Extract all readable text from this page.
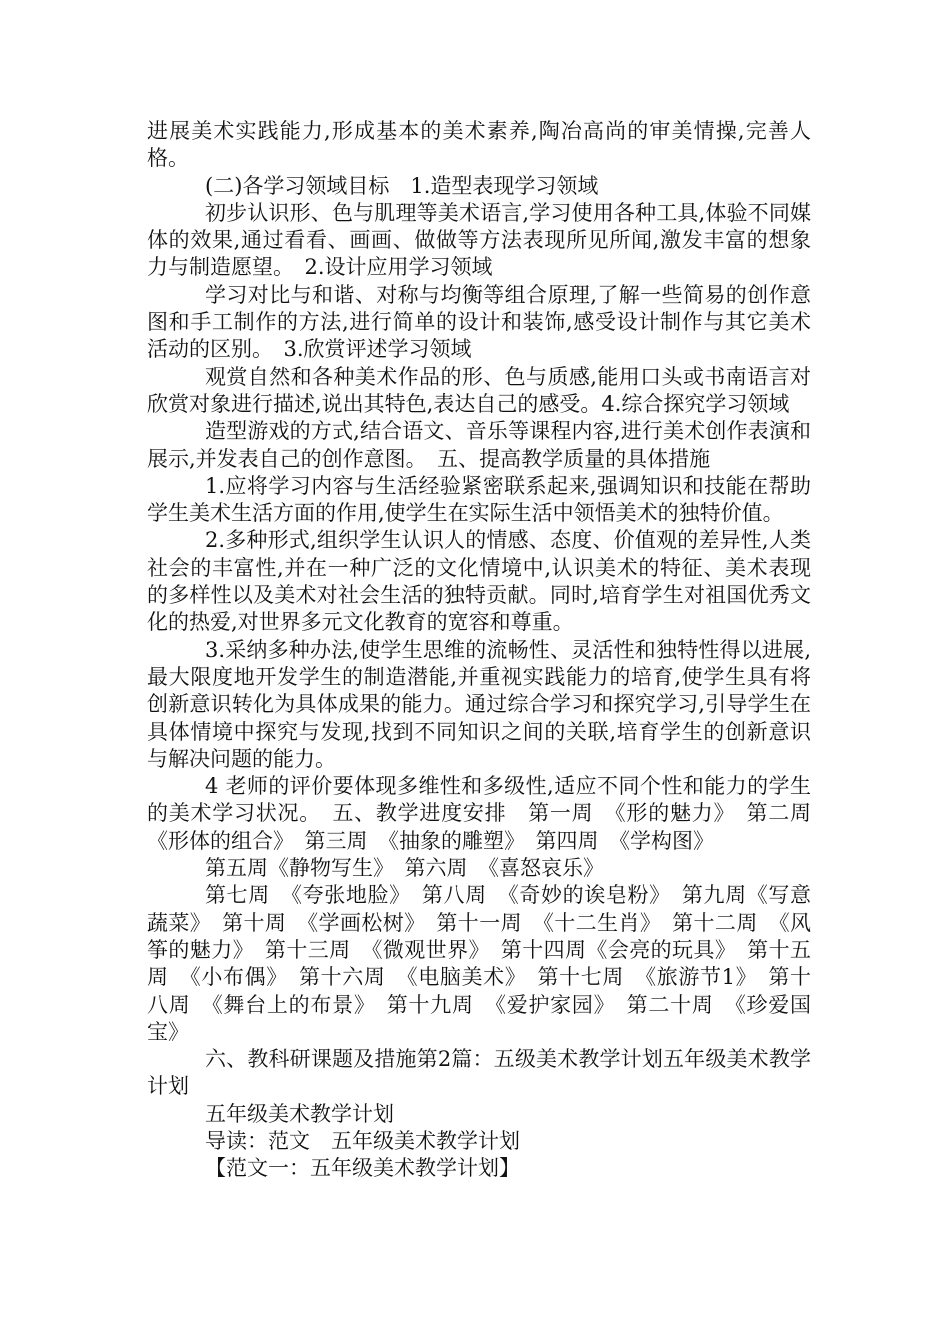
进展美术实践能力,形成基本的美术素养,陶冶高尚的审美情操,完善人格。

(二)各学习领域目标　1.造型表现学习领域

初步认识形、色与肌理等美术语言,学习使用各种工具,体验不同媒体的效果,通过看看、画画、做做等方法表现所见所闻,激发丰富的想象力与制造愿望。　2.设计应用学习领域

学习对比与和谐、对称与均衡等组合原理,了解一些简易的创作意图和手工制作的方法,进行简单的设计和装饰,感受设计制作与其它美术活动的区别。　3.欣赏评述学习领域

观赏自然和各种美术作品的形、色与质感,能用口头或书南语言对欣赏对象进行描述,说出其特色,表达自己的感受。4.综合探究学习领域

造型游戏的方式,结合语文、音乐等课程内容,进行美术创作表演和展示,并发表自己的创作意图。　五、提高教学质量的具体措施

1.应将学习内容与生活经验紧密联系起来,强调知识和技能在帮助学生美术生活方面的作用,使学生在实际生活中领悟美术的独特价值。

2.多种形式,组织学生认识人的情感、态度、价值观的差异性,人类社会的丰富性,并在一种广泛的文化情境中,认识美术的特征、美术表现的多样性以及美术对社会生活的独特贡献。同时,培育学生对祖国优秀文化的热爱,对世界多元文化教育的宽容和尊重。

3.采纳多种办法,使学生思维的流畅性、灵活性和独特性得以进展,最大限度地开发学生的制造潜能,并重视实践能力的培育,使学生具有将创新意识转化为具体成果的能力。通过综合学习和探究学习,引导学生在具体情境中探究与发现,找到不同知识之间的关联,培育学生的创新意识与解决问题的能力。

4 老师的评价要体现多维性和多级性,适应不同个性和能力的学生的美术学习状况。　五、教学进度安排　第一周　《形的魅力》　第二周　《形体的组合》　第三周　《抽象的雕塑》　第四周　《学构图》

第五周《静物写生》　第六周　《喜怒哀乐》

第七周　《夸张地脸》　第八周　《奇妙的诶皂粉》　第九周《写意蔬菜》　第十周　《学画松树》　第十一周　《十二生肖》　第十二周　《风筝的魅力》　第十三周　《微观世界》　第十四周《会亮的玩具》　第十五周　《小布偶》　第十六周　《电脑美术》　第十七周　《旅游节1》　第十八周　《舞台上的布景》　第十九周　《爱护家园》　第二十周　《珍爱国宝》

六、教科研课题及措施第2篇：五级美术教学计划五年级美术教学计划

五年级美术教学计划

导读：范文　五年级美术教学计划

【范文一：五年级美术教学计划】
